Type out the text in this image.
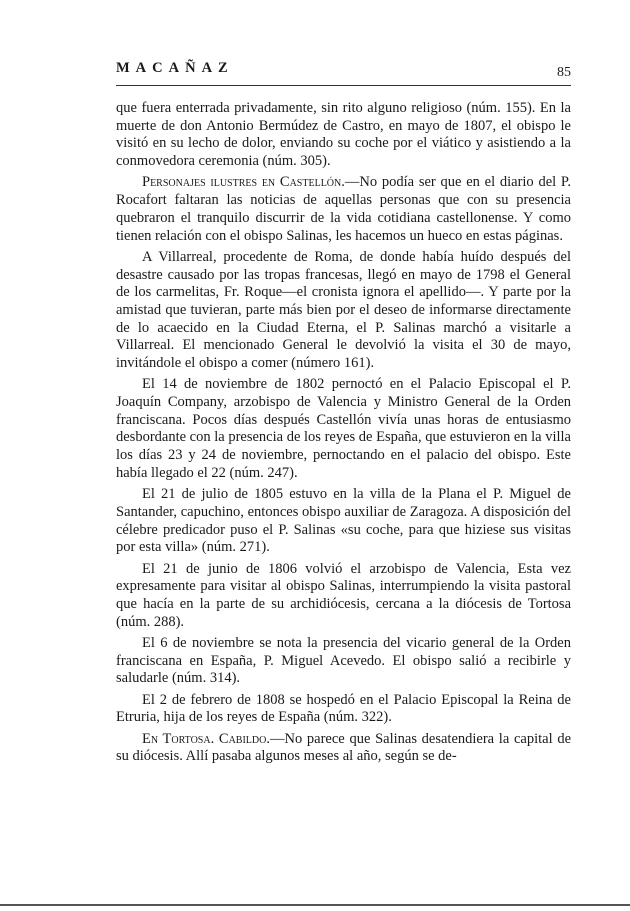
MACAÑAZ	85

que fuera enterrada privadamente, sin rito alguno religioso (núm. 155). En la muerte de don Antonio Bermúdez de Castro, en mayo de 1807, el obispo le visitó en su lecho de dolor, enviando su coche por el viático y asistiendo a la conmovedora ceremonia (núm. 305).

Personajes ilustres en Castellón.—No podía ser que en el diario del P. Rocafort faltaran las noticias de aquellas personas que con su presencia quebraron el tranquilo discurrir de la vida cotidiana castellonense. Y como tienen relación con el obispo Salinas, les hacemos un hueco en estas páginas.

A Villarreal, procedente de Roma, de donde había huído después del desastre causado por las tropas francesas, llegó en mayo de 1798 el General de los carmelitas, Fr. Roque—el cronista ignora el apellido—. Y parte por la amistad que tuvieran, parte más bien por el deseo de informarse directamente de lo acaecido en la Ciudad Eterna, el P. Salinas marchó a visitarle a Villarreal. El mencionado General le devolvió la visita el 30 de mayo, invitándole el obispo a comer (número 161).

El 14 de noviembre de 1802 pernoctó en el Palacio Episcopal el P. Joaquín Company, arzobispo de Valencia y Ministro General de la Orden franciscana. Pocos días después Castellón vivía unas horas de entusiasmo desbordante con la presencia de los reyes de España, que estuvieron en la villa los días 23 y 24 de noviembre, pernoctando en el palacio del obispo. Este había llegado el 22 (núm. 247).

El 21 de julio de 1805 estuvo en la villa de la Plana el P. Miguel de Santander, capuchino, entonces obispo auxiliar de Zaragoza. A disposición del célebre predicador puso el P. Salinas «su coche, para que hiziese sus visitas por esta villa» (núm. 271).

El 21 de junio de 1806 volvió el arzobispo de Valencia, Esta vez expresamente para visitar al obispo Salinas, interrumpiendo la visita pastoral que hacía en la parte de su archidiócesis, cercana a la diócesis de Tortosa (núm. 288).

El 6 de noviembre se nota la presencia del vicario general de la Orden franciscana en España, P. Miguel Acevedo. El obispo salió a recibirle y saludarle (núm. 314).

El 2 de febrero de 1808 se hospedó en el Palacio Episcopal la Reina de Etruria, hija de los reyes de España (núm. 322).

En Tortosa. Cabildo.—No parece que Salinas desatendiera la capital de su diócesis. Allí pasaba algunos meses al año, según se de-
